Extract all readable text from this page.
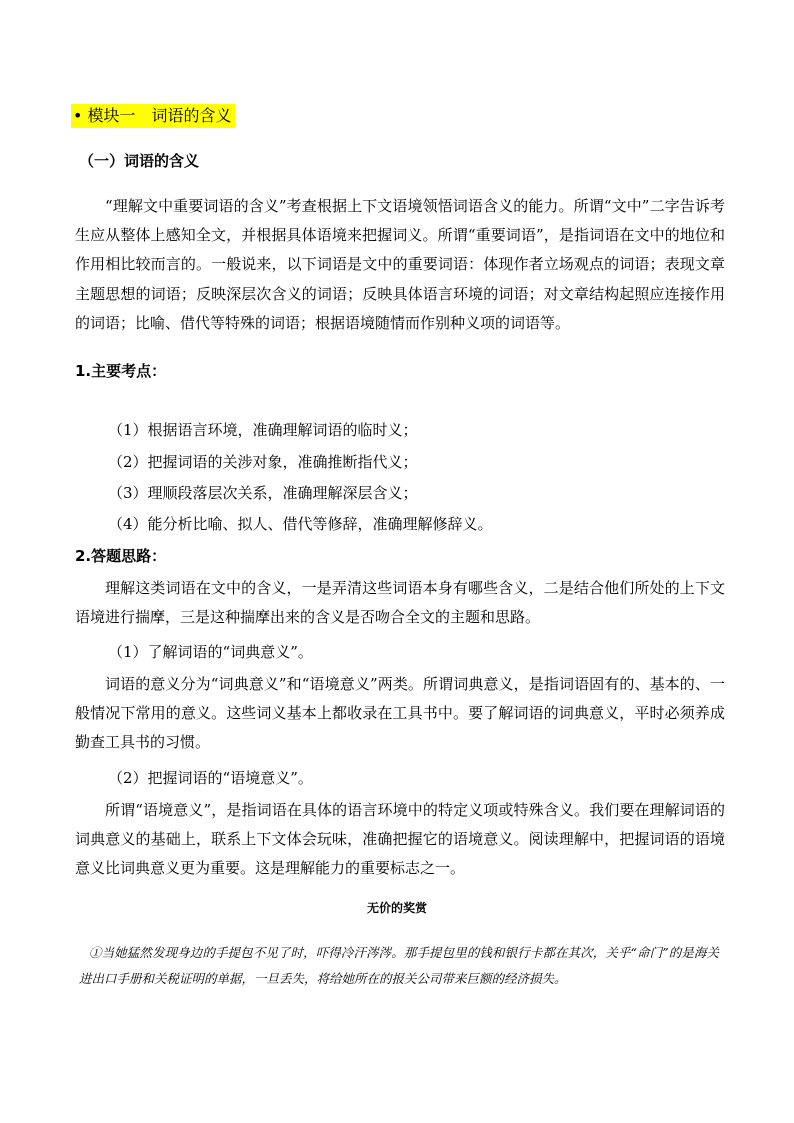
• 模块一 词语的含义
（一）词语的含义

“理解文中重要词语的含义”考查根据上下文语境领悟词语含义的能力。所谓“文中”二字告诉考生应从整体上感知全文，并根据具体语境来把握词义。所谓“重要词语”，是指词语在文中的地位和作用相比较而言的。一般说来，以下词语是文中的重要词语：体现作者立场观点的词语；表现文章主题思想的词语；反映深层次含义的词语；反映具体语言环境的词语；对文章结构起照应连接作用的词语；比喻、借代等特殊的词语；根据语境随情而作别种义项的词语等。

1.主要考点：
（1）根据语言环境，准确理解词语的临时义；
（2）把握词语的关涉对象，准确推断指代义；
（3）理顺段落层次关系，准确理解深层含义；
（4）能分析比喻、拟人、借代等修辞，准确理解修辞义。
2.答题思路：

理解这类词语在文中的含义，一是弄清这些词语本身有哪些含义，二是结合他们所处的上下文语境进行揣摩，三是这种揣摩出来的含义是否吻合全文的主题和思路。

（1）了解词语的“词典意义”。

词语的意义分为“词典意义”和“语境意义”两类。所谓词典意义，是指词语固有的、基本的、一般情况下常用的意义。这些词义基本上都收录在工具书中。要了解词语的词典意义，平时必须养成勤查工具书的习惯。

（2）把握词语的“语境意义”。

所谓“语境意义”，是指词语在具体的语言环境中的特定义项或特殊含义。我们要在理解词语的词典意义的基础上，联系上下文体会玩味，准确把握它的语境意义。阅读理解中，把握词语的语境意义比词典意义更为重要。这是理解能力的重要标志之一。

无价的奖赏

①当她猛然发现身边的手提包不见了时，吓得冷汗涔涔。那手提包里的钱和银行卡都在其次，关乎“命门”的是海关进出口手册和关税证明的单据，一旦丢失，将给她所在的报关公司带来巨额的经济损失。
